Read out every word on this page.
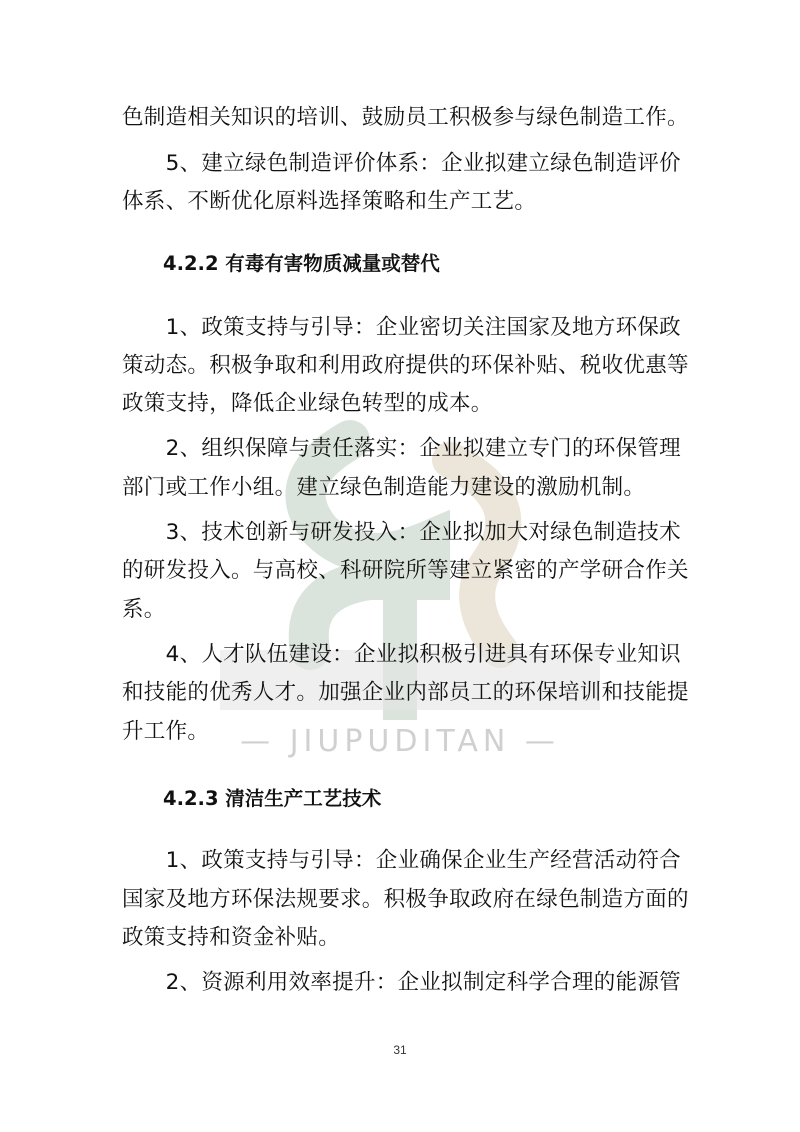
— JIUPUDITAN —
色制造相关知识的培训、鼓励员工积极参与绿色制造工作。
　　5、建立绿色制造评价体系：企业拟建立绿色制造评价
体系、不断优化原料选择策略和生产工艺。
4.2.2 有毒有害物质减量或替代
　　1、政策支持与引导：企业密切关注国家及地方环保政
策动态。积极争取和利用政府提供的环保补贴、税收优惠等
政策支持，降低企业绿色转型的成本。
　　2、组织保障与责任落实：企业拟建立专门的环保管理
部门或工作小组。建立绿色制造能力建设的激励机制。
　　3、技术创新与研发投入：企业拟加大对绿色制造技术
的研发投入。与高校、科研院所等建立紧密的产学研合作关
系。
　　4、人才队伍建设：企业拟积极引进具有环保专业知识
和技能的优秀人才。加强企业内部员工的环保培训和技能提
升工作。
4.2.3 清洁生产工艺技术
　　1、政策支持与引导：企业确保企业生产经营活动符合
国家及地方环保法规要求。积极争取政府在绿色制造方面的
政策支持和资金补贴。
　　2、资源利用效率提升：企业拟制定科学合理的能源管
31
